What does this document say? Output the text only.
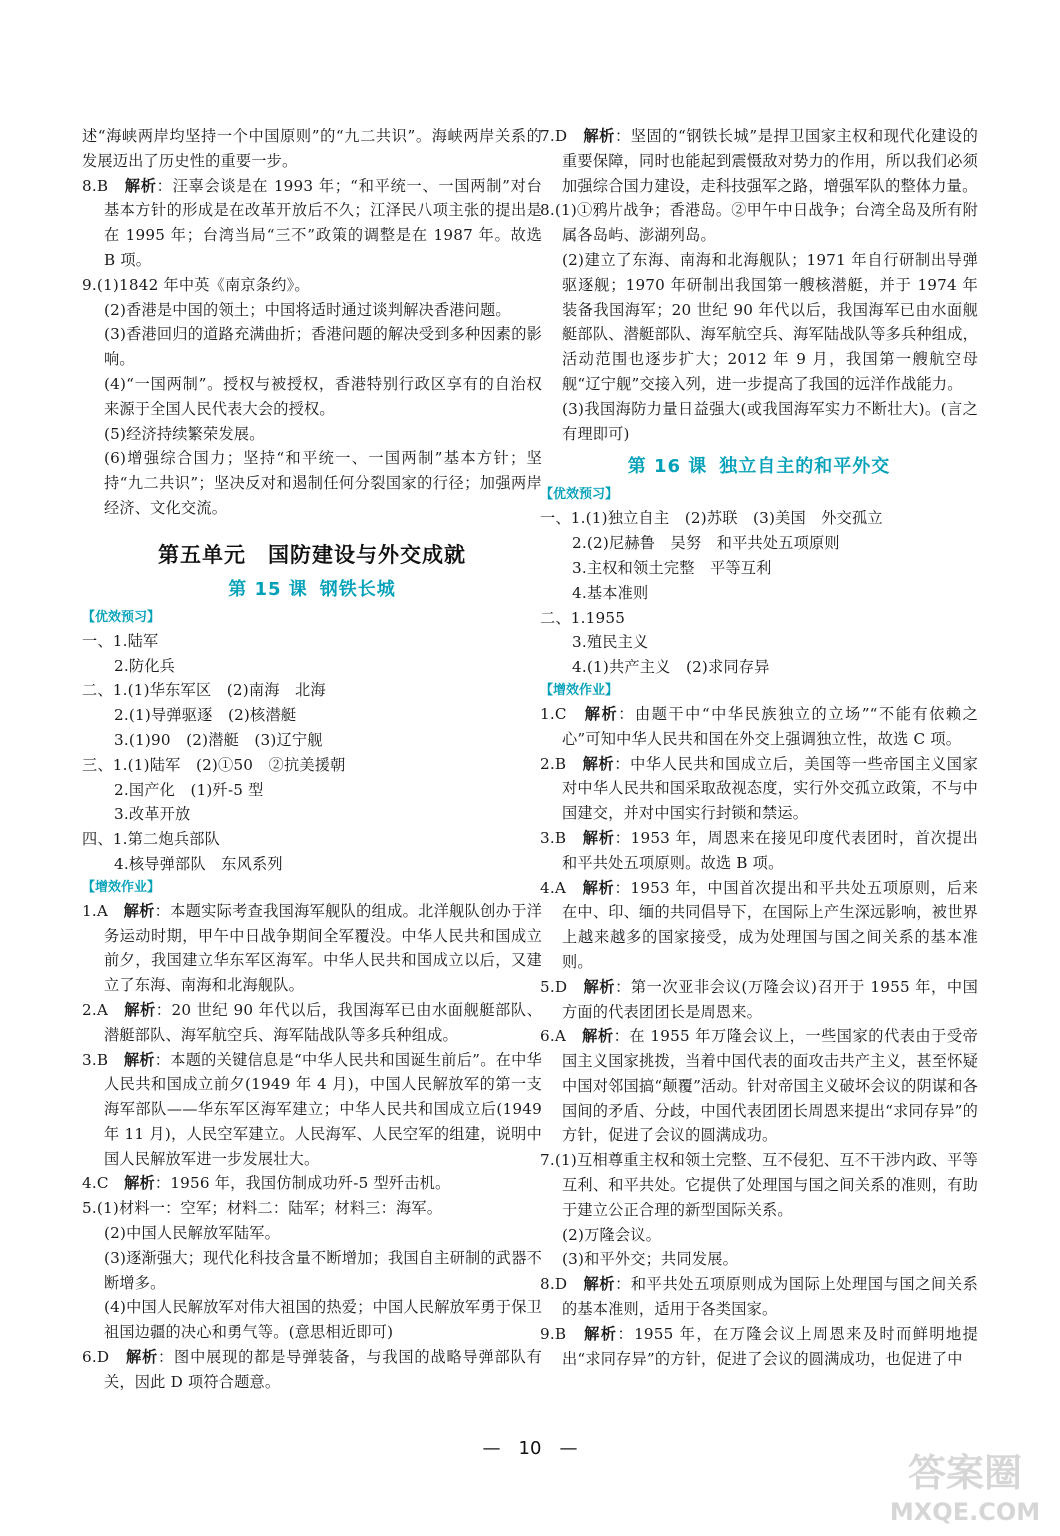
述“海峡两岸均坚持一个中国原则”的“九二共识”。海峡两岸关系的发展迈出了历史性的重要一步。

8.B　 解析：汪辜会谈是在 1993 年；“和平统一、一国两制”对台基本方针的形成是在改革开放后不久；江泽民八项主张的提出是在 1995 年；台湾当局“三不”政策的调整是在 1987 年。故选 B 项。

9.(1)1842 年中英《南京条约》。

(2)香港是中国的领土；中国将适时通过谈判解决香港问题。

(3)香港回归的道路充满曲折；香港问题的解决受到多种因素的影响。

(4)“一国两制”。授权与被授权，香港特别行政区享有的自治权来源于全国人民代表大会的授权。

(5)经济持续繁荣发展。

(6)增强综合国力；坚持“和平统一、一国两制”基本方针；坚持“九二共识”；坚决反对和遏制任何分裂国家的行径；加强两岸经济、文化交流。

第五单元　国防建设与外交成就
第 15 课 钢铁长城

【优效预习】

一、1.陆军

2.防化兵

二、1.(1)华东军区　(2)南海　北海

2.(1)导弹驱逐　(2)核潜艇

3.(1)90　(2)潜艇　(3)辽宁舰

三、1.(1)陆军　(2)①50　②抗美援朝

2.国产化　(1)歼-5 型

3.改革开放

四、1.第二炮兵部队

4.核导弹部队　东风系列

【增效作业】

1.A　 解析：本题实际考查我国海军舰队的组成。北洋舰队创办于洋务运动时期，甲午中日战争期间全军覆没。中华人民共和国成立前夕，我国建立华东军区海军。中华人民共和国成立以后，又建立了东海、南海和北海舰队。

2.A　 解析：20 世纪 90 年代以后，我国海军已由水面舰艇部队、潜艇部队、海军航空兵、海军陆战队等多兵种组成。

3.B　 解析：本题的关键信息是“中华人民共和国诞生前后”。在中华人民共和国成立前夕(1949 年 4 月)，中国人民解放军的第一支海军部队——华东军区海军建立；中华人民共和国成立后(1949 年 11 月)，人民空军建立。人民海军、人民空军的组建，说明中国人民解放军进一步发展壮大。

4.C　 解析：1956 年，我国仿制成功歼-5 型歼击机。

5.(1)材料一：空军；材料二：陆军；材料三：海军。

(2)中国人民解放军陆军。

(3)逐渐强大；现代化科技含量不断增加；我国自主研制的武器不断增多。

(4)中国人民解放军对伟大祖国的热爱；中国人民解放军勇于保卫祖国边疆的决心和勇气等。(意思相近即可)

6.D　 解析：图中展现的都是导弹装备，与我国的战略导弹部队有关，因此 D 项符合题意。

7.D　 解析：坚固的“钢铁长城”是捍卫国家主权和现代化建设的重要保障，同时也能起到震慑敌对势力的作用，所以我们必须加强综合国力建设，走科技强军之路，增强军队的整体力量。

8.(1)①鸦片战争；香港岛。②甲午中日战争；台湾全岛及所有附属各岛屿、澎湖列岛。

(2)建立了东海、南海和北海舰队；1971 年自行研制出导弹驱逐舰；1970 年研制出我国第一艘核潜艇，并于 1974 年装备我国海军；20 世纪 90 年代以后，我国海军已由水面舰艇部队、潜艇部队、海军航空兵、海军陆战队等多兵种组成，活动范围也逐步扩大；2012 年 9 月，我国第一艘航空母舰“辽宁舰”交接入列，进一步提高了我国的远洋作战能力。

(3)我国海防力量日益强大(或我国海军实力不断壮大)。(言之有理即可)

第 16 课 独立自主的和平外交

【优效预习】

一、1.(1)独立自主　(2)苏联　(3)美国　外交孤立

2.(2)尼赫鲁　吴努　和平共处五项原则

3.主权和领土完整　平等互利

4.基本准则

二、1.1955

3.殖民主义

4.(1)共产主义　(2)求同存异

【增效作业】

1.C　 解析：由题干中“中华民族独立的立场”“不能有依赖之心”可知中华人民共和国在外交上强调独立性，故选 C 项。

2.B　 解析：中华人民共和国成立后，美国等一些帝国主义国家对中华人民共和国采取敌视态度，实行外交孤立政策，不与中国建交，并对中国实行封锁和禁运。

3.B　 解析：1953 年，周恩来在接见印度代表团时，首次提出和平共处五项原则。故选 B 项。

4.A　 解析：1953 年，中国首次提出和平共处五项原则，后来在中、印、缅的共同倡导下，在国际上产生深远影响，被世界上越来越多的国家接受，成为处理国与国之间关系的基本准则。

5.D　 解析：第一次亚非会议(万隆会议)召开于 1955 年，中国方面的代表团团长是周恩来。

6.A　 解析：在 1955 年万隆会议上，一些国家的代表由于受帝国主义国家挑拨，当着中国代表的面攻击共产主义，甚至怀疑中国对邻国搞“颠覆”活动。针对帝国主义破坏会议的阴谋和各国间的矛盾、分歧，中国代表团团长周恩来提出“求同存异”的方针，促进了会议的圆满成功。

7.(1)互相尊重主权和领土完整、互不侵犯、互不干涉内政、平等互利、和平共处。它提供了处理国与国之间关系的准则，有助于建立公正合理的新型国际关系。

(2)万隆会议。

(3)和平外交；共同发展。

8.D　 解析：和平共处五项原则成为国际上处理国与国之间关系的基本准则，适用于各类国家。

9.B　 解析：1955 年，在万隆会议上周恩来及时而鲜明地提出“求同存异”的方针，促进了会议的圆满成功，也促进了中

—　10　—
答案圈
MXQE.COM
